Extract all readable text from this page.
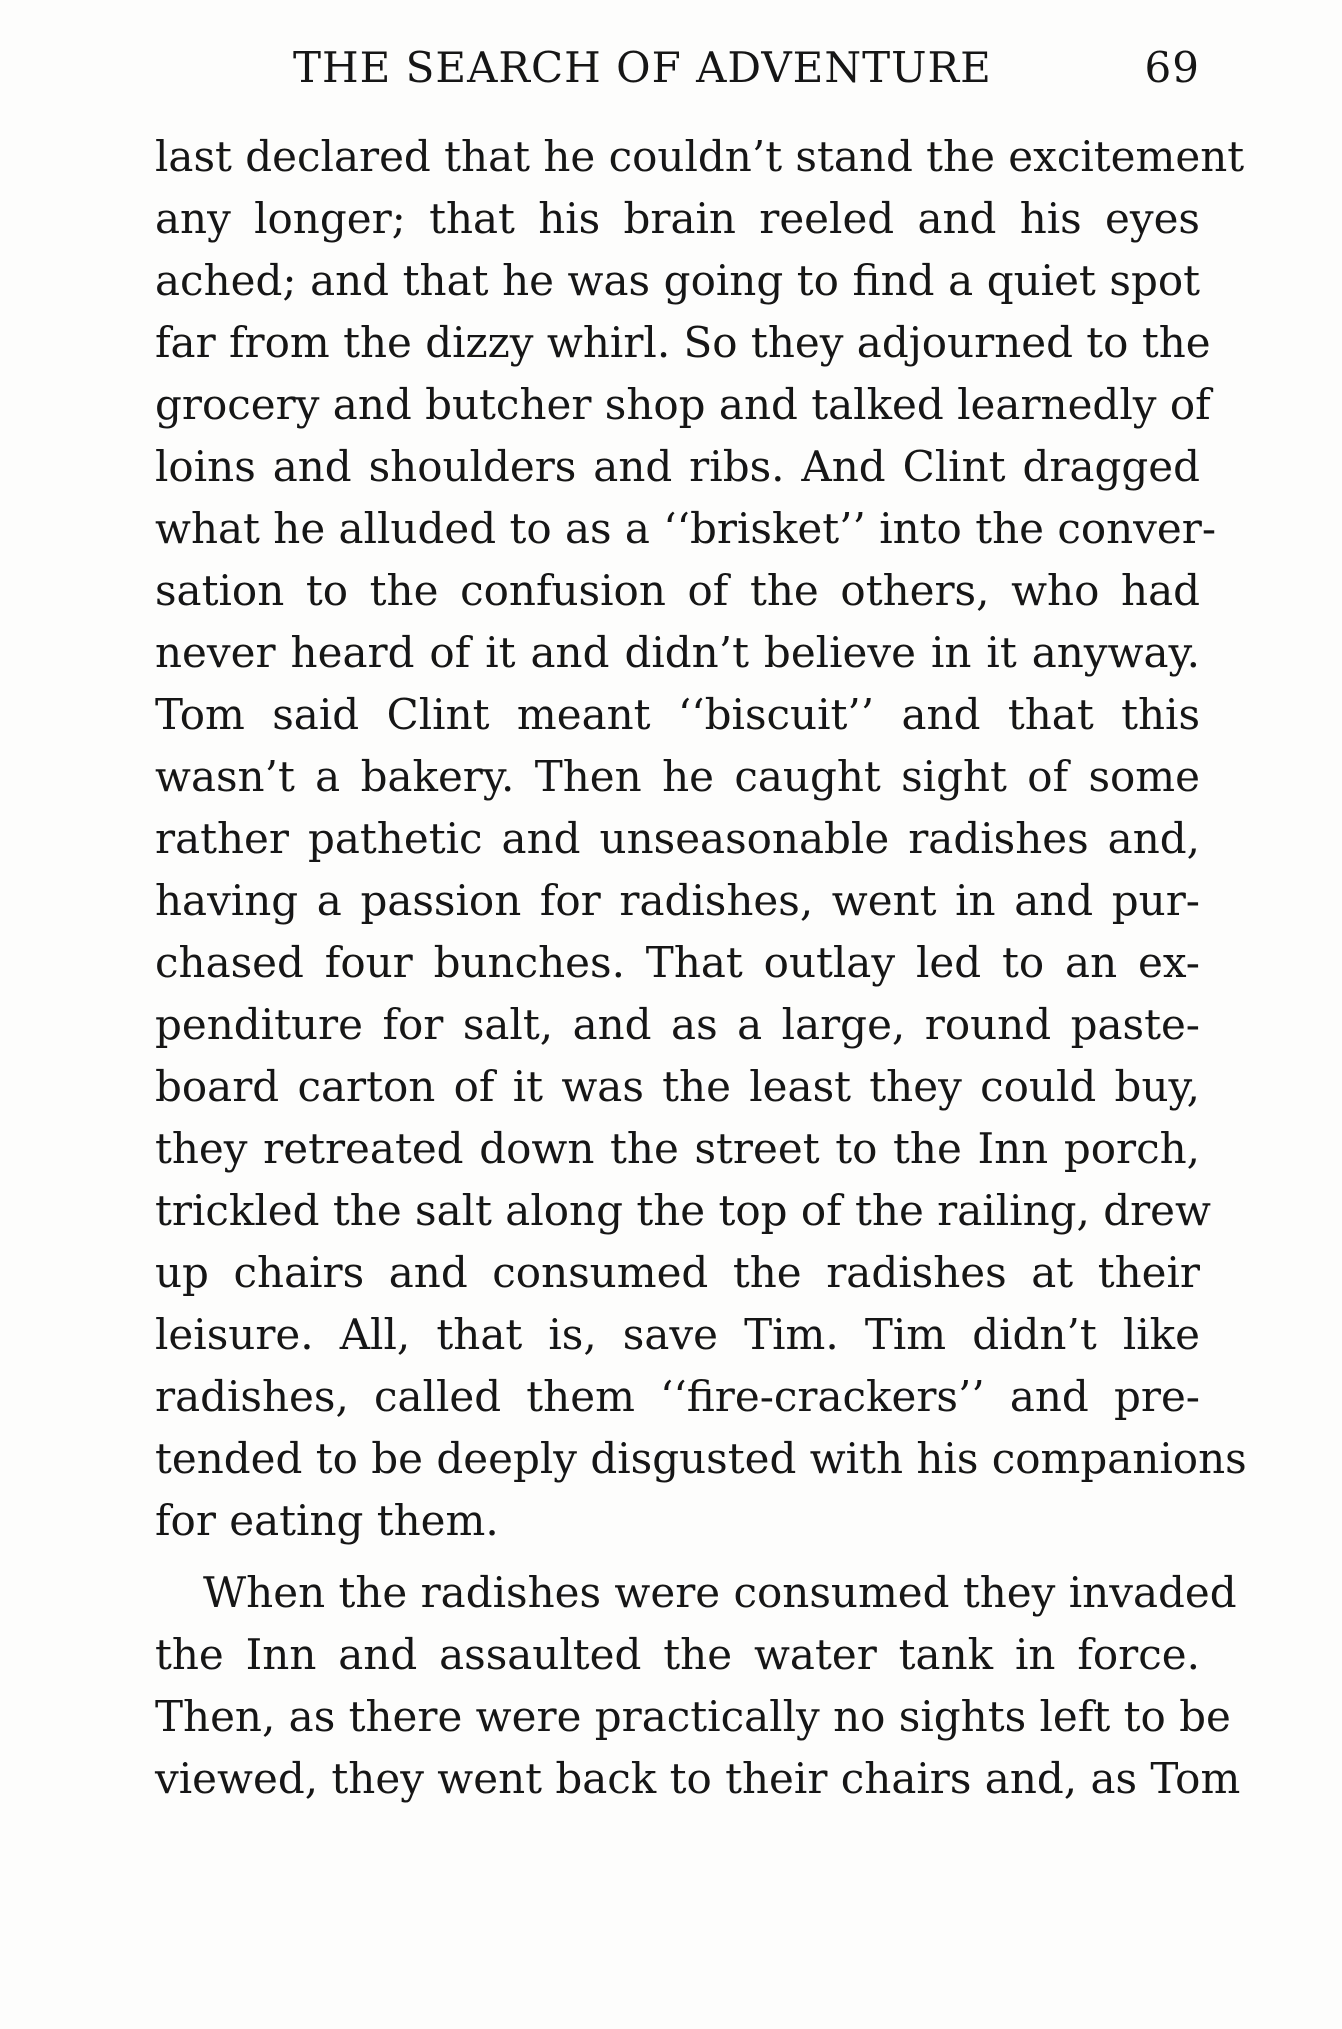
THE SEARCH OF ADVENTURE	69
last declared that he couldn’t stand the excitement
any longer; that his brain reeled and his eyes
ached; and that he was going to find a quiet spot
far from the dizzy whirl. So they adjourned to the
grocery and butcher shop and talked learnedly of
loins and shoulders and ribs. And Clint dragged
what he alluded to as a ‘‘brisket’’ into the conver-
sation to the confusion of the others, who had
never heard of it and didn’t believe in it anyway.
Tom said Clint meant ‘‘biscuit’’ and that this
wasn’t a bakery. Then he caught sight of some
rather pathetic and unseasonable radishes and,
having a passion for radishes, went in and pur-
chased four bunches. That outlay led to an ex-
penditure for salt, and as a large, round paste-
board carton of it was the least they could buy,
they retreated down the street to the Inn porch,
trickled the salt along the top of the railing, drew
up chairs and consumed the radishes at their
leisure. All, that is, save Tim. Tim didn’t like
radishes, called them ‘‘fire-crackers’’ and pre-
tended to be deeply disgusted with his companions
for eating them.
When the radishes were consumed they invaded
the Inn and assaulted the water tank in force.
Then, as there were practically no sights left to be
viewed, they went back to their chairs and, as Tom
